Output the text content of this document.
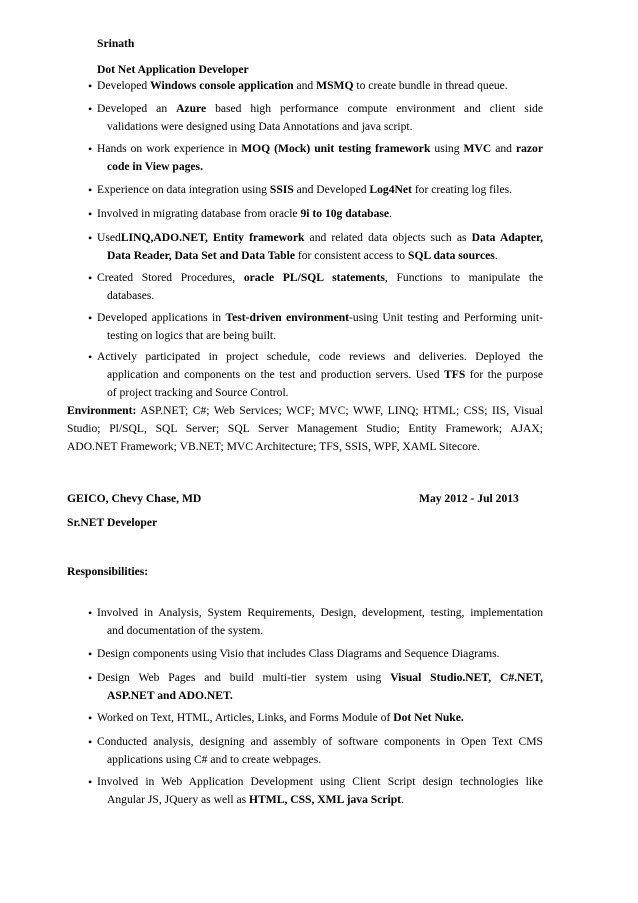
Srinath
Dot Net Application Developer
• Developed Windows console application and MSMQ to create bundle in thread queue.
• Developed an Azure based high performance compute environment and client side
validations were designed using Data Annotations and java script.
• Hands on work experience in MOQ (Mock) unit testing framework using MVC and razor
code in View pages.
• Experience on data integration using SSIS and Developed Log4Net for creating log files.
• Involved in migrating database from oracle 9i to 10g database.
• UsedLINQ,ADO.NET, Entity framework and related data objects such as Data Adapter,
Data Reader, Data Set and Data Table for consistent access to SQL data sources.
• Created Stored Procedures, oracle PL/SQL statements, Functions to manipulate the
databases.
• Developed applications in Test-driven environment-using Unit testing and Performing unit-
testing on logics that are being built.
• Actively participated in project schedule, code reviews and deliveries. Deployed the
application and components on the test and production servers. Used TFS for the purpose
of project tracking and Source Control.
Environment: ASP.NET; C#; Web Services; WCF; MVC; WWF, LINQ; HTML; CSS; IIS, Visual
Studio; Pl/SQL, SQL Server; SQL Server Management Studio; Entity Framework; AJAX;
ADO.NET Framework; VB.NET; MVC Architecture; TFS, SSIS, WPF, XAML Sitecore.
GEICO, Chevy Chase, MD	May 2012 - Jul 2013
Sr.NET Developer
Responsibilities:
• Involved in Analysis, System Requirements, Design, development, testing, implementation
and documentation of the system.
• Design components using Visio that includes Class Diagrams and Sequence Diagrams.
• Design Web Pages and build multi-tier system using Visual Studio.NET, C#.NET,
ASP.NET and ADO.NET.
• Worked on Text, HTML, Articles, Links, and Forms Module of Dot Net Nuke.
• Conducted analysis, designing and assembly of software components in Open Text CMS
applications using C# and to create webpages.
• Involved in Web Application Development using Client Script design technologies like
Angular JS, JQuery as well as HTML, CSS, XML java Script.
